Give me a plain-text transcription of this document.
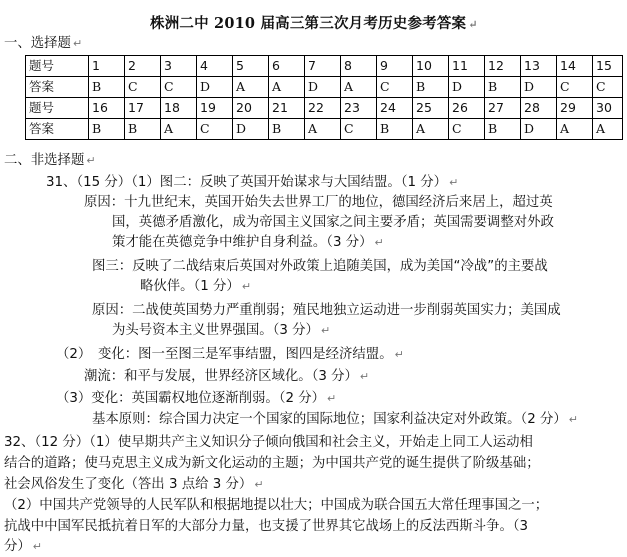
株洲二中 2010 届高三第三次月考历史参考答案 ↵
一、选择题 ↵
题号	1	2	3	4	5	6	7	8	9	10	11	12	13	14	15
答案	B	C	C	D	A	A	D	A	C	B	D	B	D	C	C
题号	16	17	18	19	20	21	22	23	24	25	26	27	28	29	30
答案	B	B	A	C	D	B	A	C	B	A	C	B	D	A	A
二、非选择题 ↵
31、（15 分）（1）图二：反映了英国开始谋求与大国结盟。（1 分） ↵
原因：十九世纪末，英国开始失去世界工厂的地位，德国经济后来居上，超过英
国，英德矛盾激化，成为帝国主义国家之间主要矛盾；英国需要调整对外政
策才能在英德竞争中维护自身利益。（3 分） ↵
图三：反映了二战结束后英国对外政策上追随美国，成为美国“冷战”的主要战
略伙伴。（1 分） ↵
原因：二战使英国势力严重削弱；殖民地独立运动进一步削弱英国实力；美国成
为头号资本主义世界强国。（3 分） ↵
（2）　变化：图一至图三是军事结盟，图四是经济结盟。 ↵
潮流：和平与发展，世界经济区域化。（3 分） ↵
（3）变化：英国霸权地位逐渐削弱。（2 分） ↵
基本原则：综合国力决定一个国家的国际地位；国家利益决定对外政策。（2 分） ↵
32、（12 分）（1）使早期共产主义知识分子倾向俄国和社会主义，开始走上同工人运动相
结合的道路；使马克思主义成为新文化运动的主题；为中国共产党的诞生提供了阶级基础；
社会风俗发生了变化（答出 3 点给 3 分） ↵
（2）中国共产党领导的人民军队和根据地提以壮大；中国成为联合国五大常任理事国之一；
抗战中中国军民抵抗着日军的大部分力量，也支援了世界其它战场上的反法西斯斗争。（3
分） ↵
